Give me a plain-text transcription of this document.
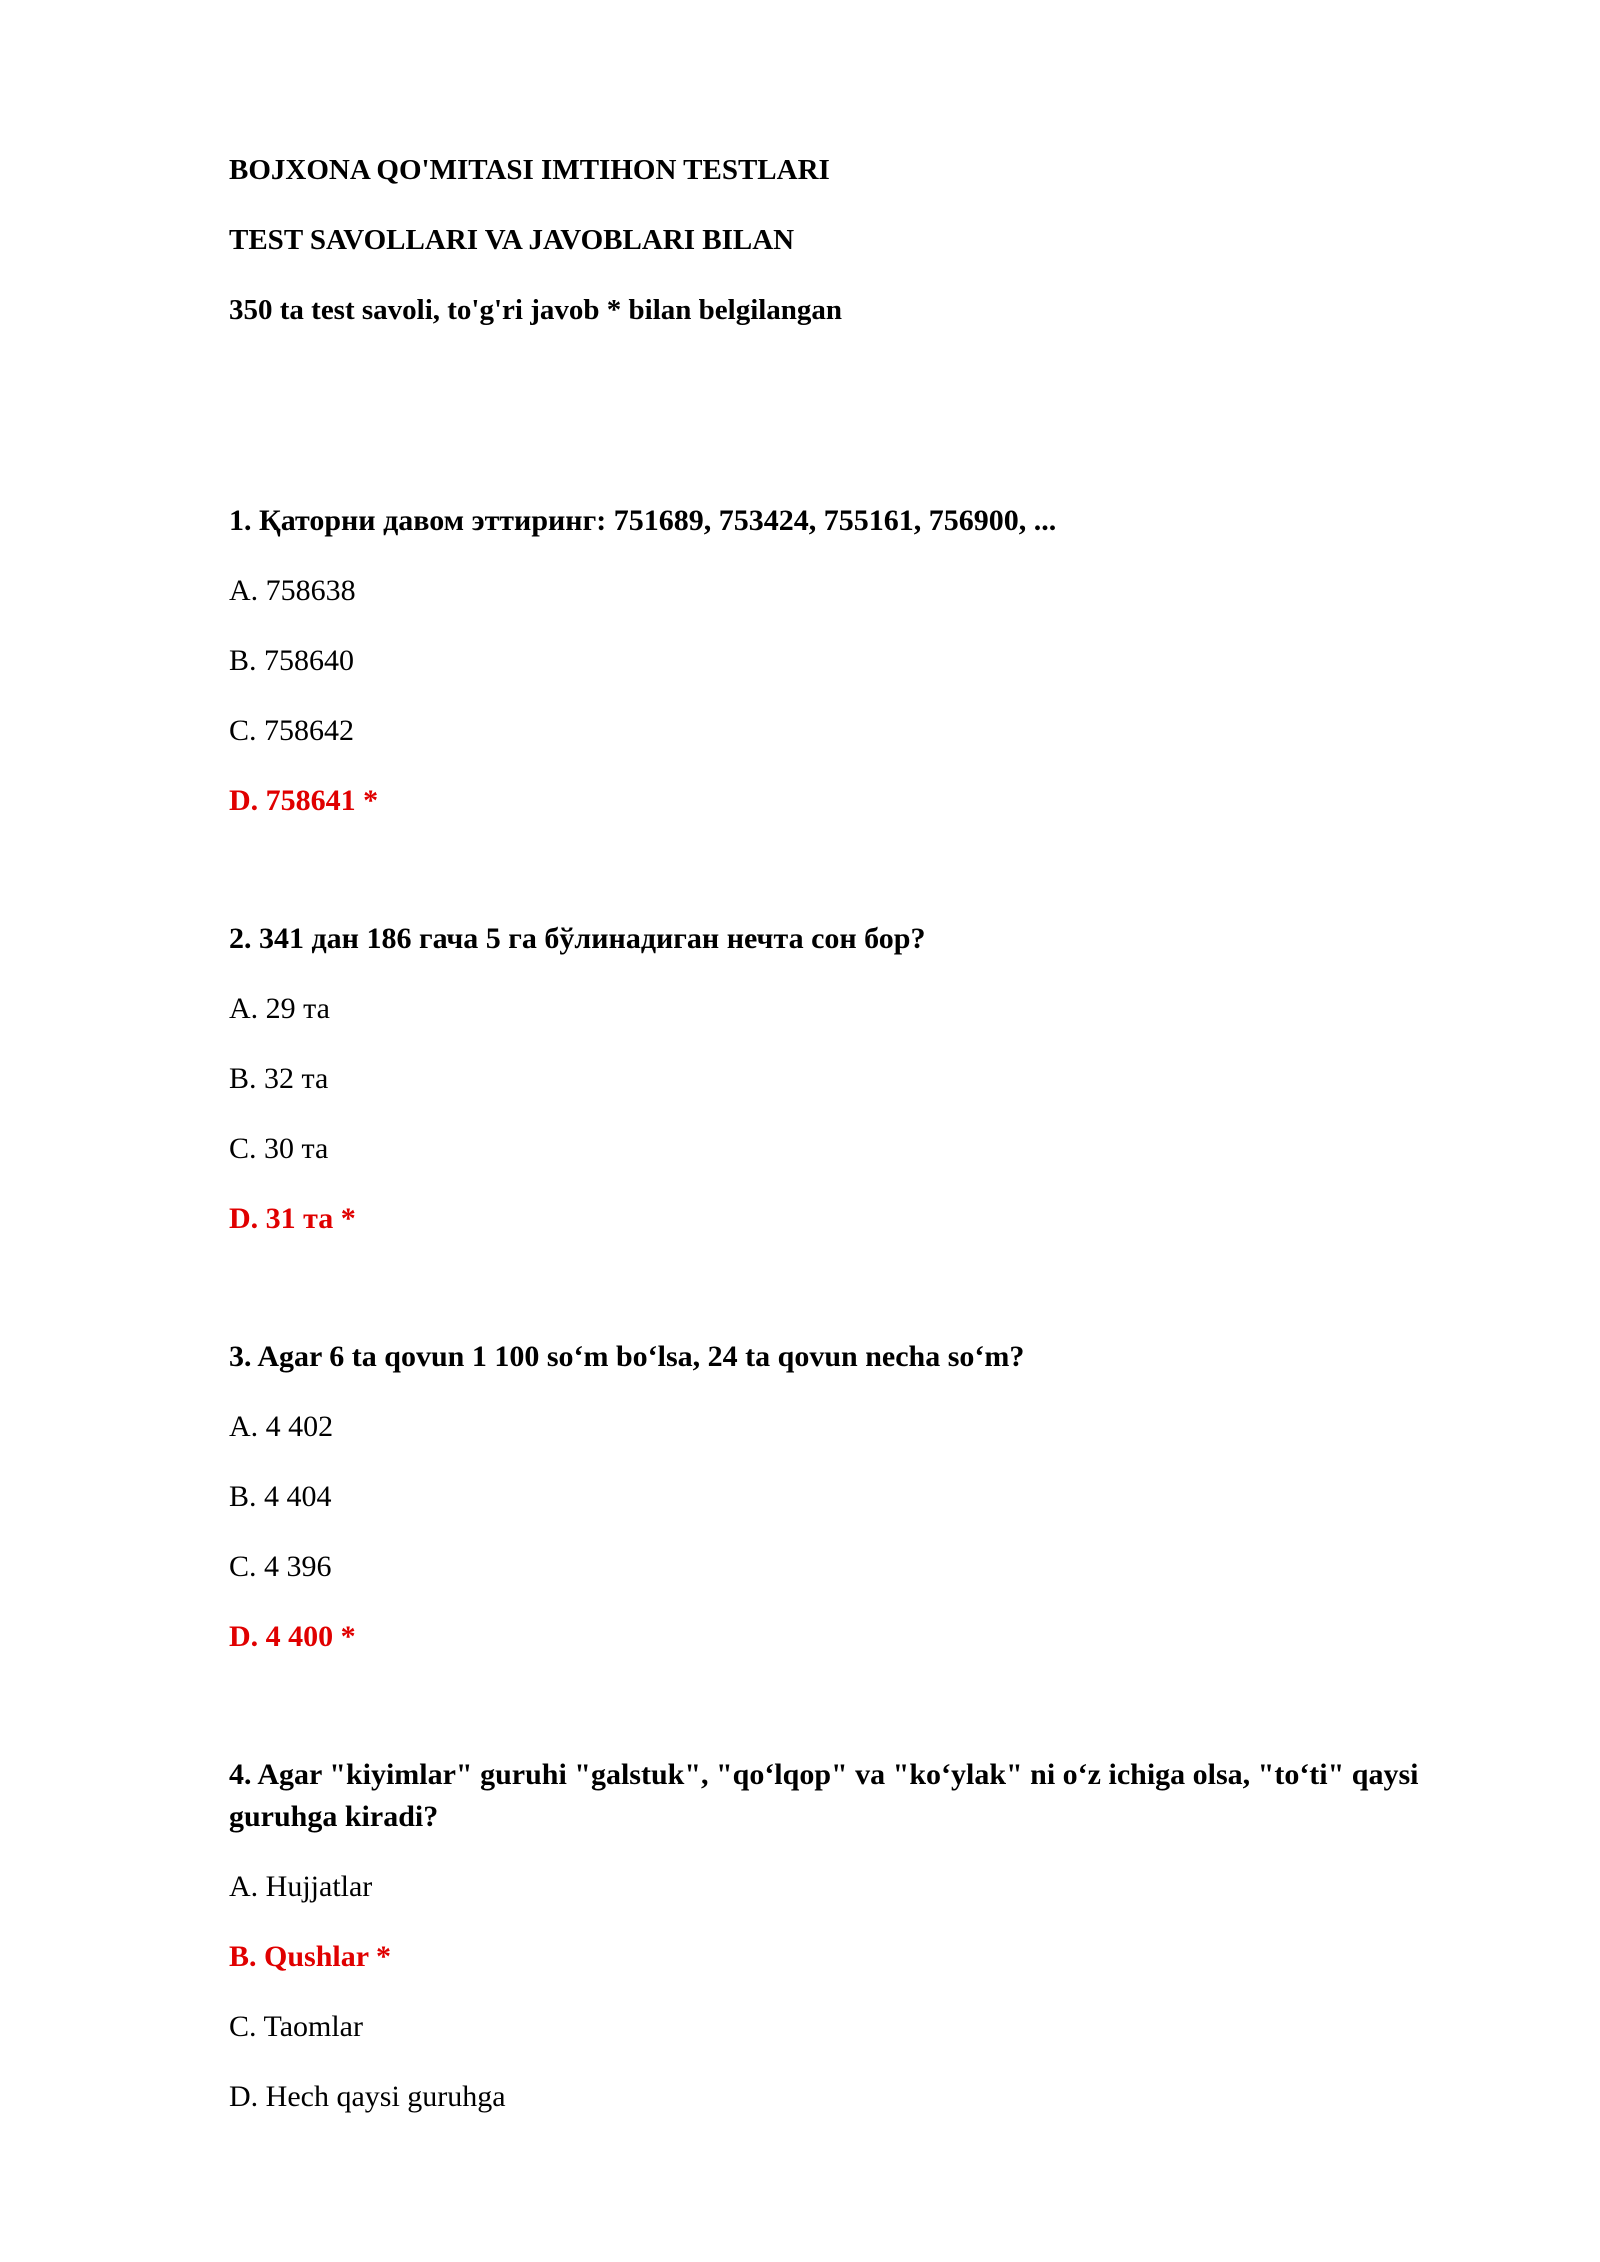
BOJXONA QO'MITASI IMTIHON TESTLARI
TEST SAVOLLARI VA JAVOBLARI BILAN
350 ta test savoli, to'g'ri javob * bilan belgilangan
1. Қаторни давом эттиринг: 751689, 753424, 755161, 756900, ...
A. 758638
B. 758640
C. 758642
D. 758641 *
2. 341 дан 186 гача 5 га бўлинадиган нечта сон бор?
A. 29 та
B. 32 та
C. 30 та
D. 31 та *
3. Agar 6 ta qovun 1 100 so‘m bo‘lsa, 24 ta qovun necha so‘m?
A. 4 402
B. 4 404
C. 4 396
D. 4 400 *
4. Agar "kiyimlar" guruhi "galstuk", "qo‘lqop" va "ko‘ylak" ni o‘z ichiga olsa, "to‘ti" qaysi guruhga kiradi?
A. Hujjatlar
B. Qushlar *
C. Taomlar
D. Hech qaysi guruhga
